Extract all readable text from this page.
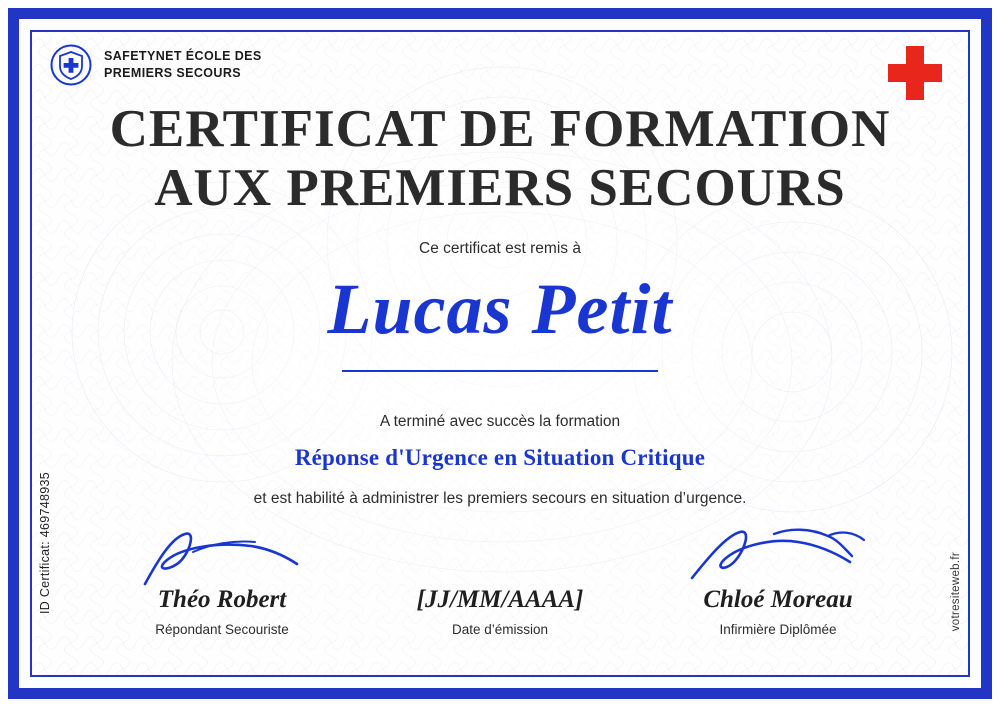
SAFETYNET ÉCOLE DES
PREMIERS SECOURS
CERTIFICAT DE FORMATION
AUX PREMIERS SECOURS
Ce certificat est remis à
Lucas Petit
A terminé avec succès la formation
Réponse d'Urgence en Situation Critique
et est habilité à administrer les premiers secours en situation d’urgence.
Théo Robert
Répondant Secouriste
[JJ/MM/AAAA]
Date d’émission
Chloé Moreau
Infirmière Diplômée
ID Certificat: 469748935	votresiteweb.fr
